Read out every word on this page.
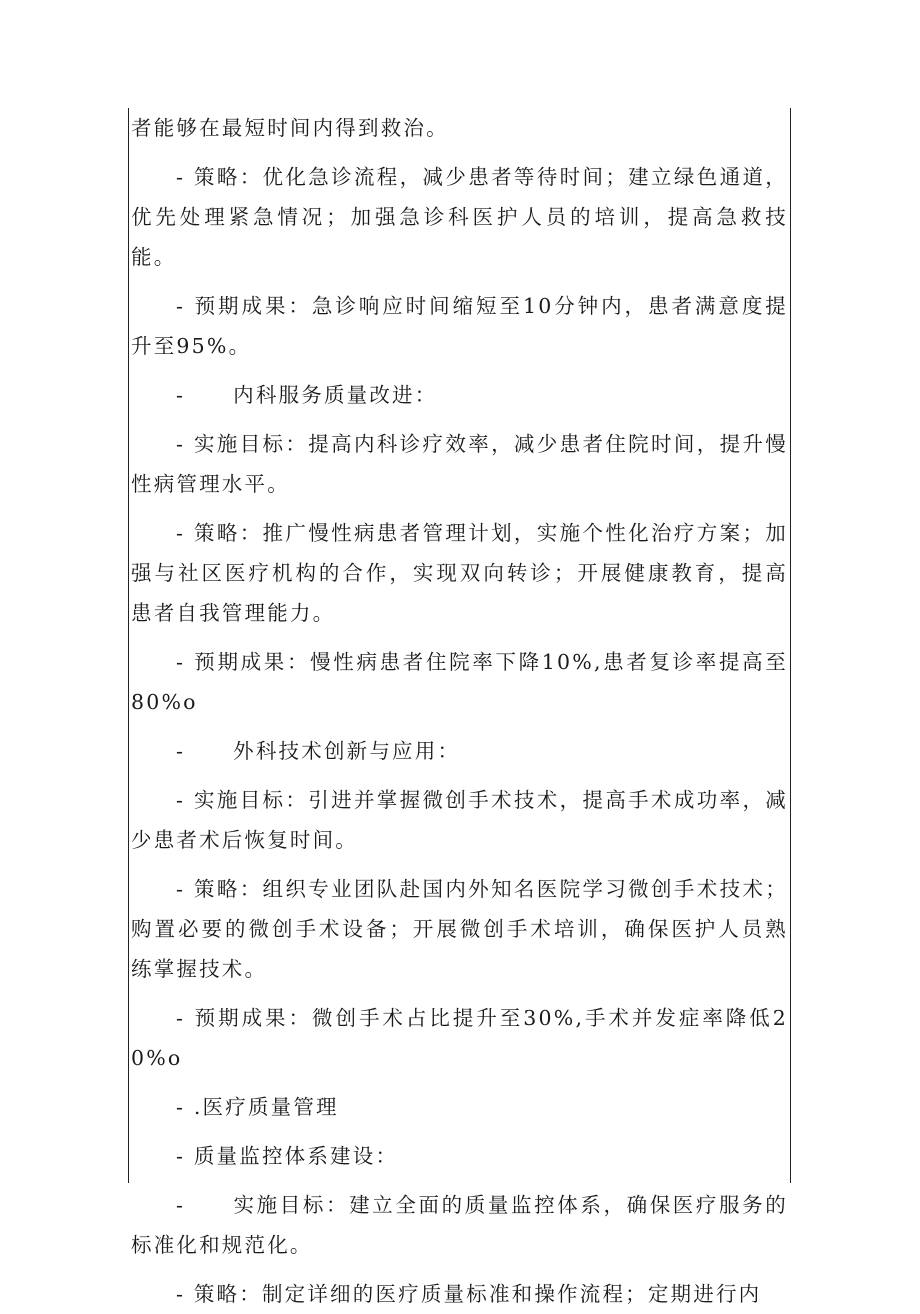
者能够在最短时间内得到救治。

- 策略：优化急诊流程，减少患者等待时间；建立绿色通道，优先处理紧急情况；加强急诊科医护人员的培训，提高急救技能。

- 预期成果：急诊响应时间缩短至10分钟内，患者满意度提升至95%。

- 内科服务质量改进：

- 实施目标：提高内科诊疗效率，减少患者住院时间，提升慢性病管理水平。

- 策略：推广慢性病患者管理计划，实施个性化治疗方案；加强与社区医疗机构的合作，实现双向转诊；开展健康教育，提高患者自我管理能力。

- 预期成果：慢性病患者住院率下降10%,患者复诊率提高至80%o

- 外科技术创新与应用：

- 实施目标：引进并掌握微创手术技术，提高手术成功率，减少患者术后恢复时间。

- 策略：组织专业团队赴国内外知名医院学习微创手术技术；购置必要的微创手术设备；开展微创手术培训，确保医护人员熟练掌握技术。

- 预期成果：微创手术占比提升至30%,手术并发症率降低20%o

- .医疗质量管理

- 质量监控体系建设：

- 实施目标：建立全面的质量监控体系，确保医疗服务的标准化和规范化。

- 策略：制定详细的医疗质量标准和操作流程；定期进行内
